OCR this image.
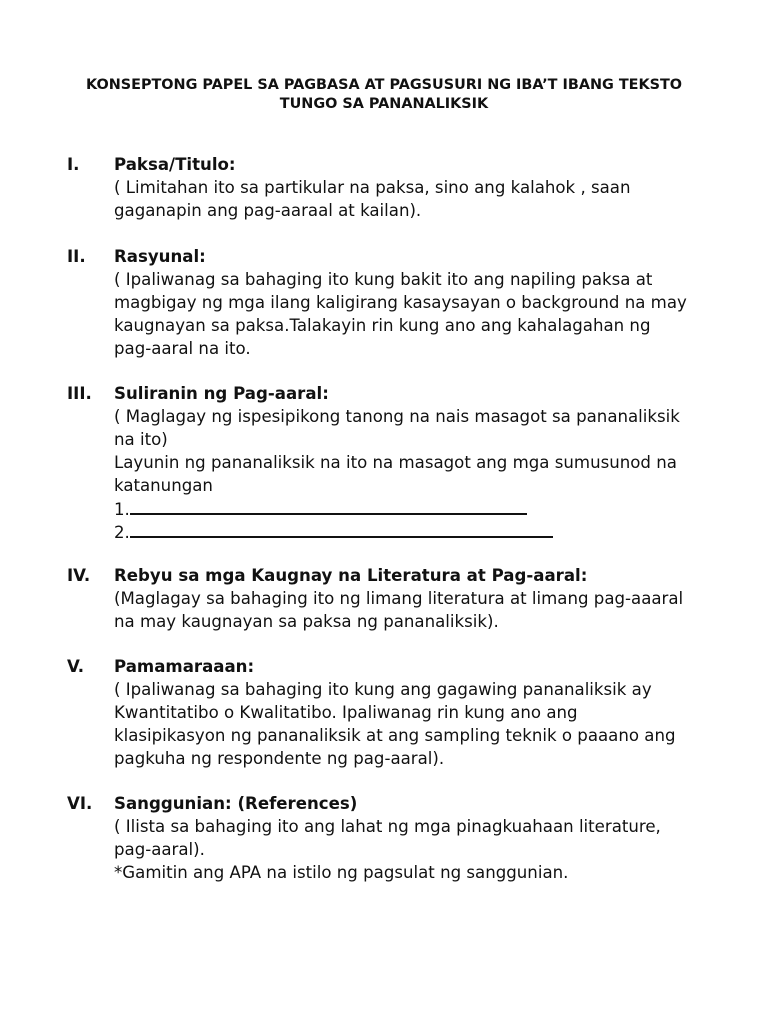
KONSEPTONG PAPEL SA PAGBASA AT PAGSUSURI NG IBA’T IBANG TEKSTO
TUNGO SA PANANALIKSIK
I. Paksa/Titulo:
( Limitahan ito sa partikular na paksa, sino ang kalahok , saan
gaganapin ang pag-aaraal at kailan).
II. Rasyunal:
( Ipaliwanag sa bahaging ito kung bakit ito ang napiling paksa at
magbigay ng mga ilang kaligirang kasaysayan o background na may
kaugnayan sa paksa.Talakayin rin kung ano ang kahalagahan ng
pag-aaral na ito.
III. Suliranin ng Pag-aaral:
( Maglagay ng ispesipikong tanong na nais masagot sa pananaliksik
na ito)
Layunin ng pananaliksik na ito na masagot ang mga sumusunod na
katanungan
1.
2.
IV. Rebyu sa mga Kaugnay na Literatura at Pag-aaral:
(Maglagay sa bahaging ito ng limang literatura at limang pag-aaaral
na may kaugnayan sa paksa ng pananaliksik).
V. Pamamaraaan:
( Ipaliwanag sa bahaging ito kung ang gagawing pananaliksik ay
Kwantitatibo o Kwalitatibo. Ipaliwanag rin kung ano ang
klasipikasyon ng pananaliksik at ang sampling teknik o paaano ang
pagkuha ng respondente ng pag-aaral).
VI. Sanggunian: (References)
( Ilista sa bahaging ito ang lahat ng mga pinagkuahaan literature,
pag-aaral).
*Gamitin ang APA na istilo ng pagsulat ng sanggunian.
